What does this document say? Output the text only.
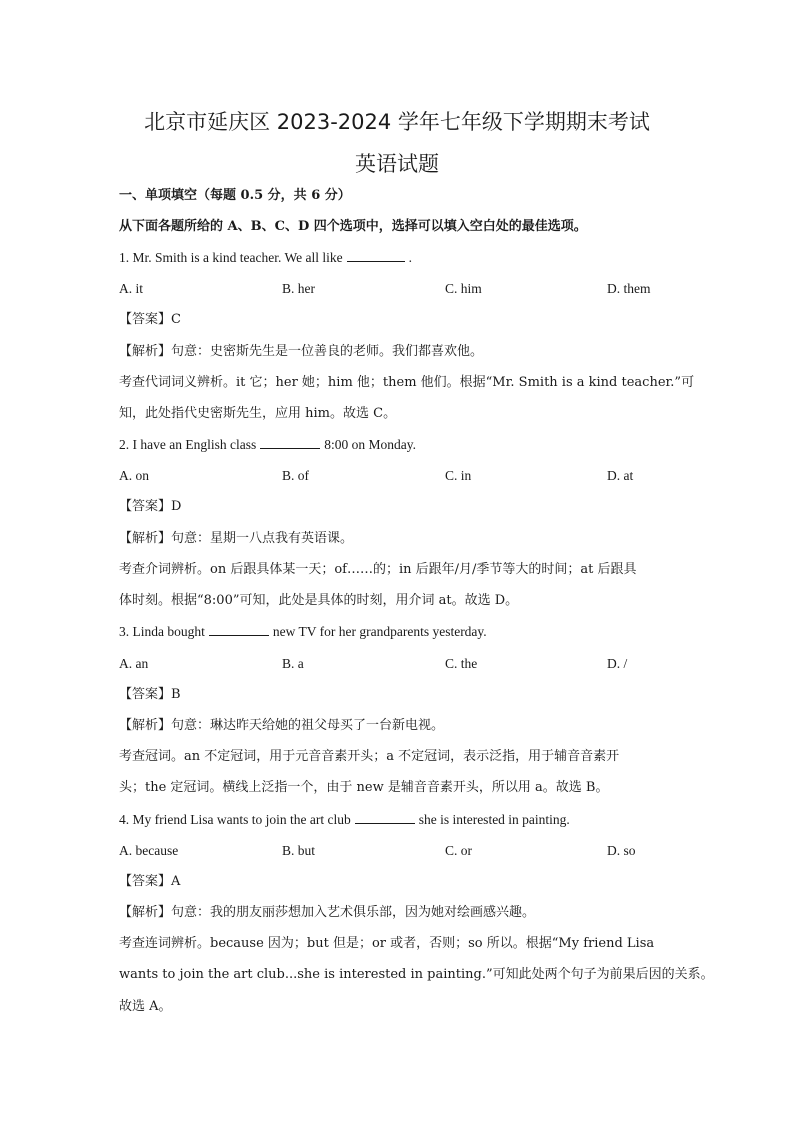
北京市延庆区 2023-2024 学年七年级下学期期末考试
英语试题
一、单项填空（每题 0.5 分，共 6 分）
从下面各题所给的 A、B、C、D 四个选项中，选择可以填入空白处的最佳选项。
1. Mr. Smith is a kind teacher. We all like	.
A. it	B. her	C. him	D. them
【答案】C
【解析】句意：史密斯先生是一位善良的老师。我们都喜欢他。
考查代词词义辨析。it 它；her 她；him 他；them 他们。根据“Mr. Smith is a kind teacher.”可
知，此处指代史密斯先生，应用 him。故选 C。
2. I have an English class	8:00 on Monday.
A. on	B. of	C. in	D. at
【答案】D
【解析】句意：星期一八点我有英语课。
考查介词辨析。on 后跟具体某一天；of……的；in 后跟年/月/季节等大的时间；at 后跟具
体时刻。根据“8:00”可知，此处是具体的时刻，用介词 at。故选 D。
3. Linda bought	new TV for her grandparents yesterday.
A. an	B. a	C. the	D. /
【答案】B
【解析】句意：琳达昨天给她的祖父母买了一台新电视。
考查冠词。an 不定冠词，用于元音音素开头；a 不定冠词，表示泛指，用于辅音音素开
头；the 定冠词。横线上泛指一个，由于 new 是辅音音素开头，所以用 a。故选 B。
4. My friend Lisa wants to join the art club	she is interested in painting.
A. because	B. but	C. or	D. so
【答案】A
【解析】句意：我的朋友丽莎想加入艺术俱乐部，因为她对绘画感兴趣。
考查连词辨析。because 因为；but 但是；or 或者，否则；so 所以。根据“My friend Lisa
wants to join the art club...she is interested in painting.”可知此处两个句子为前果后因的关系。
故选 A。
